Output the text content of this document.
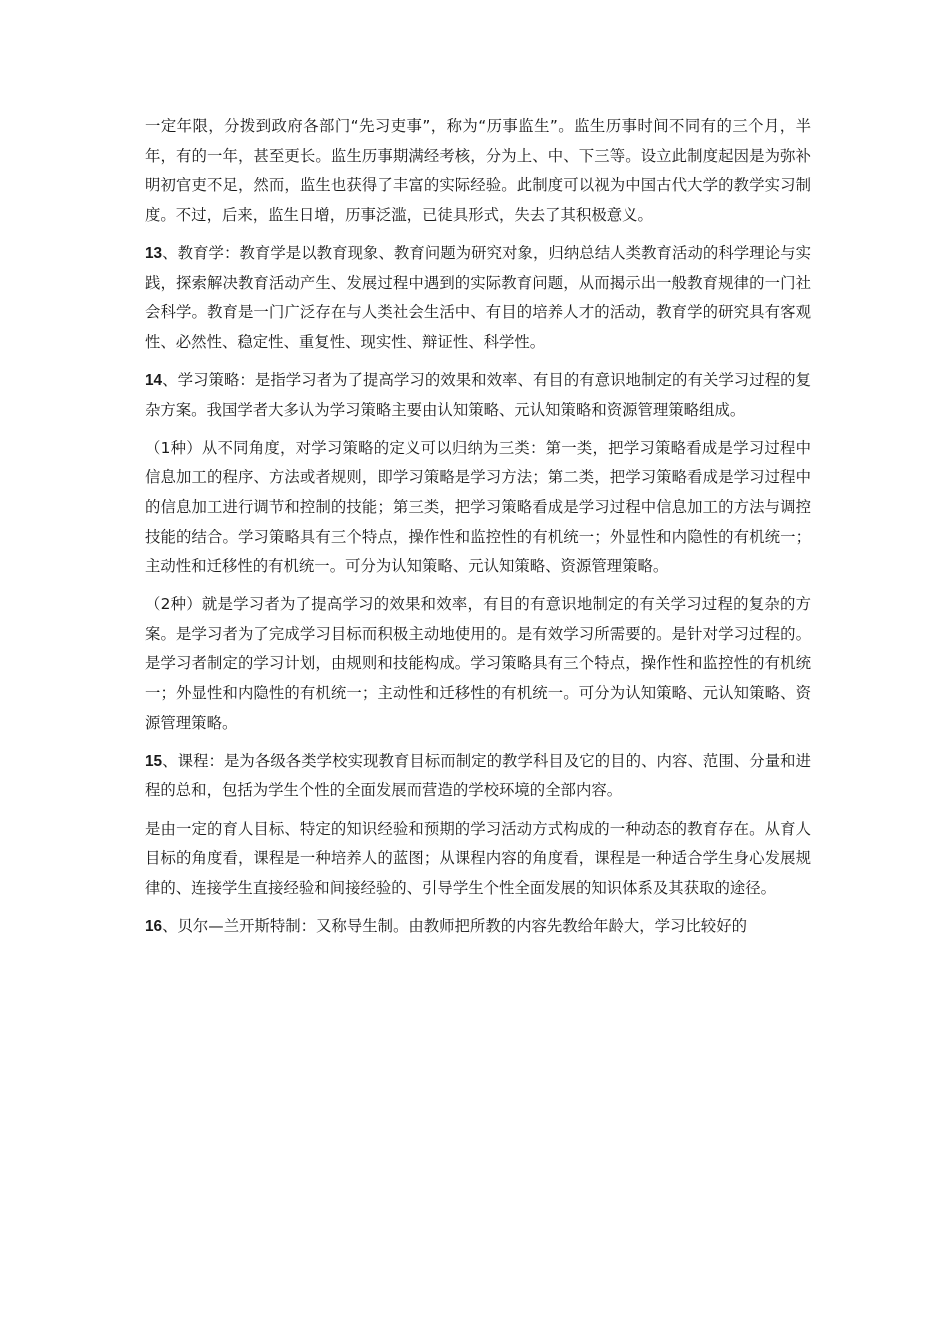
一定年限，分拨到政府各部门“先习吏事”，称为“历事监生”。监生历事时间不同有的三个月，半年，有的一年，甚至更长。监生历事期满经考核，分为上、中、下三等。设立此制度起因是为弥补明初官吏不足，然而，监生也获得了丰富的实际经验。此制度可以视为中国古代大学的教学实习制度。不过，后来，监生日增，历事泛滥，已徒具形式，失去了其积极意义。

13、教育学：教育学是以教育现象、教育问题为研究对象，归纳总结人类教育活动的科学理论与实践，探索解决教育活动产生、发展过程中遇到的实际教育问题，从而揭示出一般教育规律的一门社会科学。教育是一门广泛存在与人类社会生活中、有目的培养人才的活动，教育学的研究具有客观性、必然性、稳定性、重复性、现实性、辩证性、科学性。

14、学习策略：是指学习者为了提高学习的效果和效率、有目的有意识地制定的有关学习过程的复杂方案。我国学者大多认为学习策略主要由认知策略、元认知策略和资源管理策略组成。

（1种）从不同角度，对学习策略的定义可以归纳为三类：第一类，把学习策略看成是学习过程中信息加工的程序、方法或者规则，即学习策略是学习方法；第二类，把学习策略看成是学习过程中的信息加工进行调节和控制的技能；第三类，把学习策略看成是学习过程中信息加工的方法与调控技能的结合。学习策略具有三个特点，操作性和监控性的有机统一；外显性和内隐性的有机统一；主动性和迁移性的有机统一。可分为认知策略、元认知策略、资源管理策略。

（2种）就是学习者为了提高学习的效果和效率，有目的有意识地制定的有关学习过程的复杂的方案。是学习者为了完成学习目标而积极主动地使用的。是有效学习所需要的。是针对学习过程的。是学习者制定的学习计划，由规则和技能构成。学习策略具有三个特点，操作性和监控性的有机统一；外显性和内隐性的有机统一；主动性和迁移性的有机统一。可分为认知策略、元认知策略、资源管理策略。

15、课程：是为各级各类学校实现教育目标而制定的教学科目及它的目的、内容、范围、分量和进程的总和，包括为学生个性的全面发展而营造的学校环境的全部内容。

是由一定的育人目标、特定的知识经验和预期的学习活动方式构成的一种动态的教育存在。从育人目标的角度看，课程是一种培养人的蓝图；从课程内容的角度看，课程是一种适合学生身心发展规律的、连接学生直接经验和间接经验的、引导学生个性全面发展的知识体系及其获取的途径。

16、贝尔—兰开斯特制：又称导生制。由教师把所教的内容先教给年龄大，学习比较好的
